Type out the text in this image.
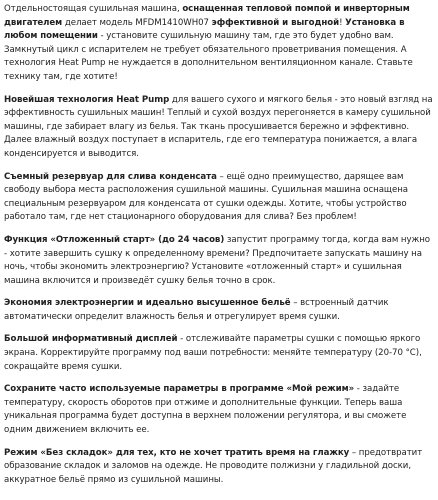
Отдельностоящая сушильная машина, оснащенная тепловой помпой и инверторным двигателем делает модель MFDM1410WH07 эффективной и выгодной! Установка в любом помещении - установите сушильную машину там, где это будет удобно вам. Замкнутый цикл с испарителем не требует обязательного проветривания помещения. А технология Heat Pump не нуждается в дополнительном вентиляционном канале. Ставьте технику там, где хотите!

Новейшая технология Heat Pump для вашего сухого и мягкого белья - это новый взгляд на эффективность сушильных машин! Теплый и сухой воздух перегоняется в камеру сушильной машины, где забирает влагу из белья. Так ткань просушивается бережно и эффективно. Далее влажный воздух поступает в испаритель, где его температура понижается, а влага конденсируется и выводится.

Съемный резервуар для слива конденсата – ещё одно преимущество, дарящее вам свободу выбора места расположения сушильной машины. Сушильная машина оснащена специальным резервуаром для конденсата от сушки одежды. Хотите, чтобы устройство работало там, где нет стационарного оборудования для слива? Без проблем!

Функция «Отложенный старт» (до 24 часов) запустит программу тогда, когда вам нужно - хотите завершить сушку к определенному времени? Предпочитаете запускать машину на ночь, чтобы экономить электроэнергию? Установите «отложенный старт» и сушильная машина включится и произведёт сушку белья точно в срок.

Экономия электроэнергии и идеально высушенное бельё – встроенный датчик автоматически определит влажность белья и отрегулирует время сушки.

Большой информативный дисплей - отслеживайте параметры сушки с помощью яркого экрана. Корректируйте программу под ваши потребности: меняйте температуру (20-70 °С), сокращайте время сушки.

Сохраните часто используемые параметры в программе «Мой режим» - задайте температуру, скорость оборотов при отжиме и дополнительные функции. Теперь ваша уникальная программа будет доступна в верхнем положении регулятора, и вы сможете одним движением включить ее.

Режим «Без складок» для тех, кто не хочет тратить время на глажку – предотвратит образование складок и заломов на одежде. Не проводите полжизни у гладильной доски, аккуратное бельё прямо из сушильной машины.
